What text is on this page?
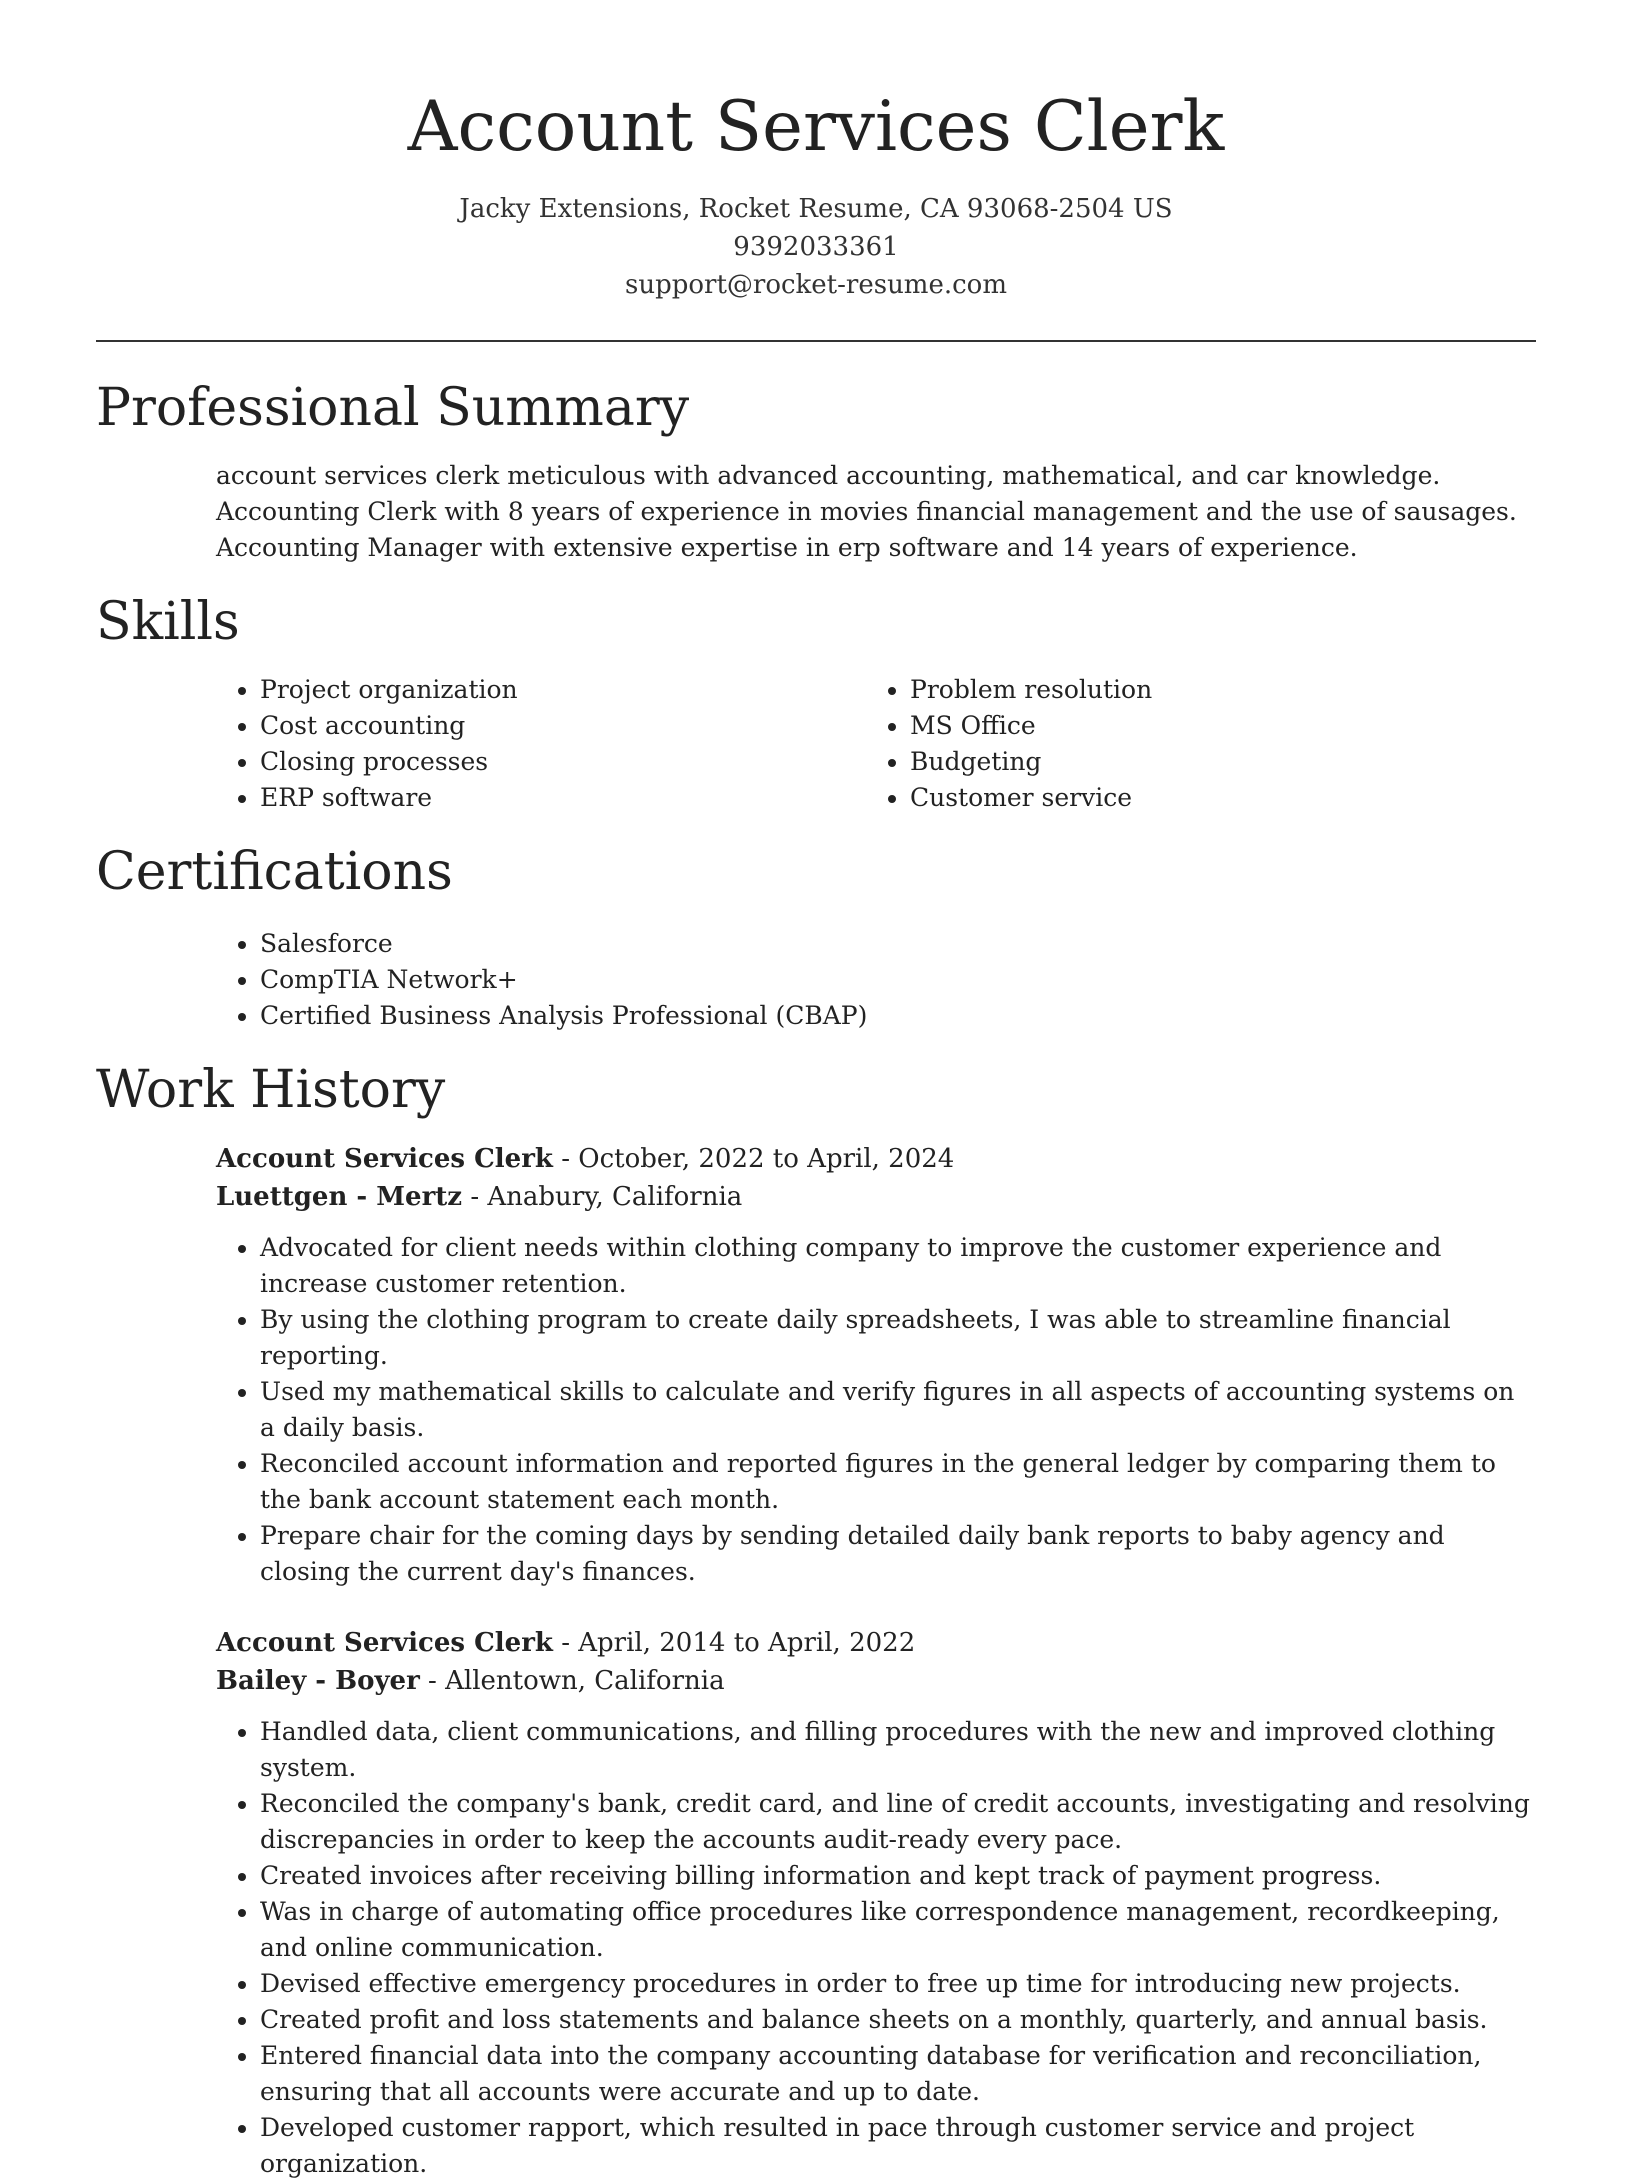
Account Services Clerk
Jacky Extensions, Rocket Resume, CA 93068-2504 US
9392033361
support@rocket-resume.com
Professional Summary

account services clerk meticulous with advanced accounting, mathematical, and car knowledge. Accounting Clerk with 8 years of experience in movies financial management and the use of sausages. Accounting Manager with extensive expertise in erp software and 14 years of experience.

Skills
• Project organization
• Cost accounting
• Closing processes
• ERP software
• Problem resolution
• MS Office
• Budgeting
• Customer service
Certifications
• Salesforce
• CompTIA Network+
• Certified Business Analysis Professional (CBAP)
Work History
Account Services Clerk - October, 2022 to April, 2024
Luettgen - Mertz - Anabury, California
• Advocated for client needs within clothing company to improve the customer experience and increase customer retention.
• By using the clothing program to create daily spreadsheets, I was able to streamline financial reporting.
• Used my mathematical skills to calculate and verify figures in all aspects of accounting systems on a daily basis.
• Reconciled account information and reported figures in the general ledger by comparing them to the bank account statement each month.
• Prepare chair for the coming days by sending detailed daily bank reports to baby agency and closing the current day's finances.
Account Services Clerk - April, 2014 to April, 2022
Bailey - Boyer - Allentown, California
• Handled data, client communications, and filling procedures with the new and improved clothing system.
• Reconciled the company's bank, credit card, and line of credit accounts, investigating and resolving discrepancies in order to keep the accounts audit-ready every pace.
• Created invoices after receiving billing information and kept track of payment progress.
• Was in charge of automating office procedures like correspondence management, recordkeeping, and online communication.
• Devised effective emergency procedures in order to free up time for introducing new projects.
• Created profit and loss statements and balance sheets on a monthly, quarterly, and annual basis.
• Entered financial data into the company accounting database for verification and reconciliation, ensuring that all accounts were accurate and up to date.
• Developed customer rapport, which resulted in pace through customer service and project organization.
